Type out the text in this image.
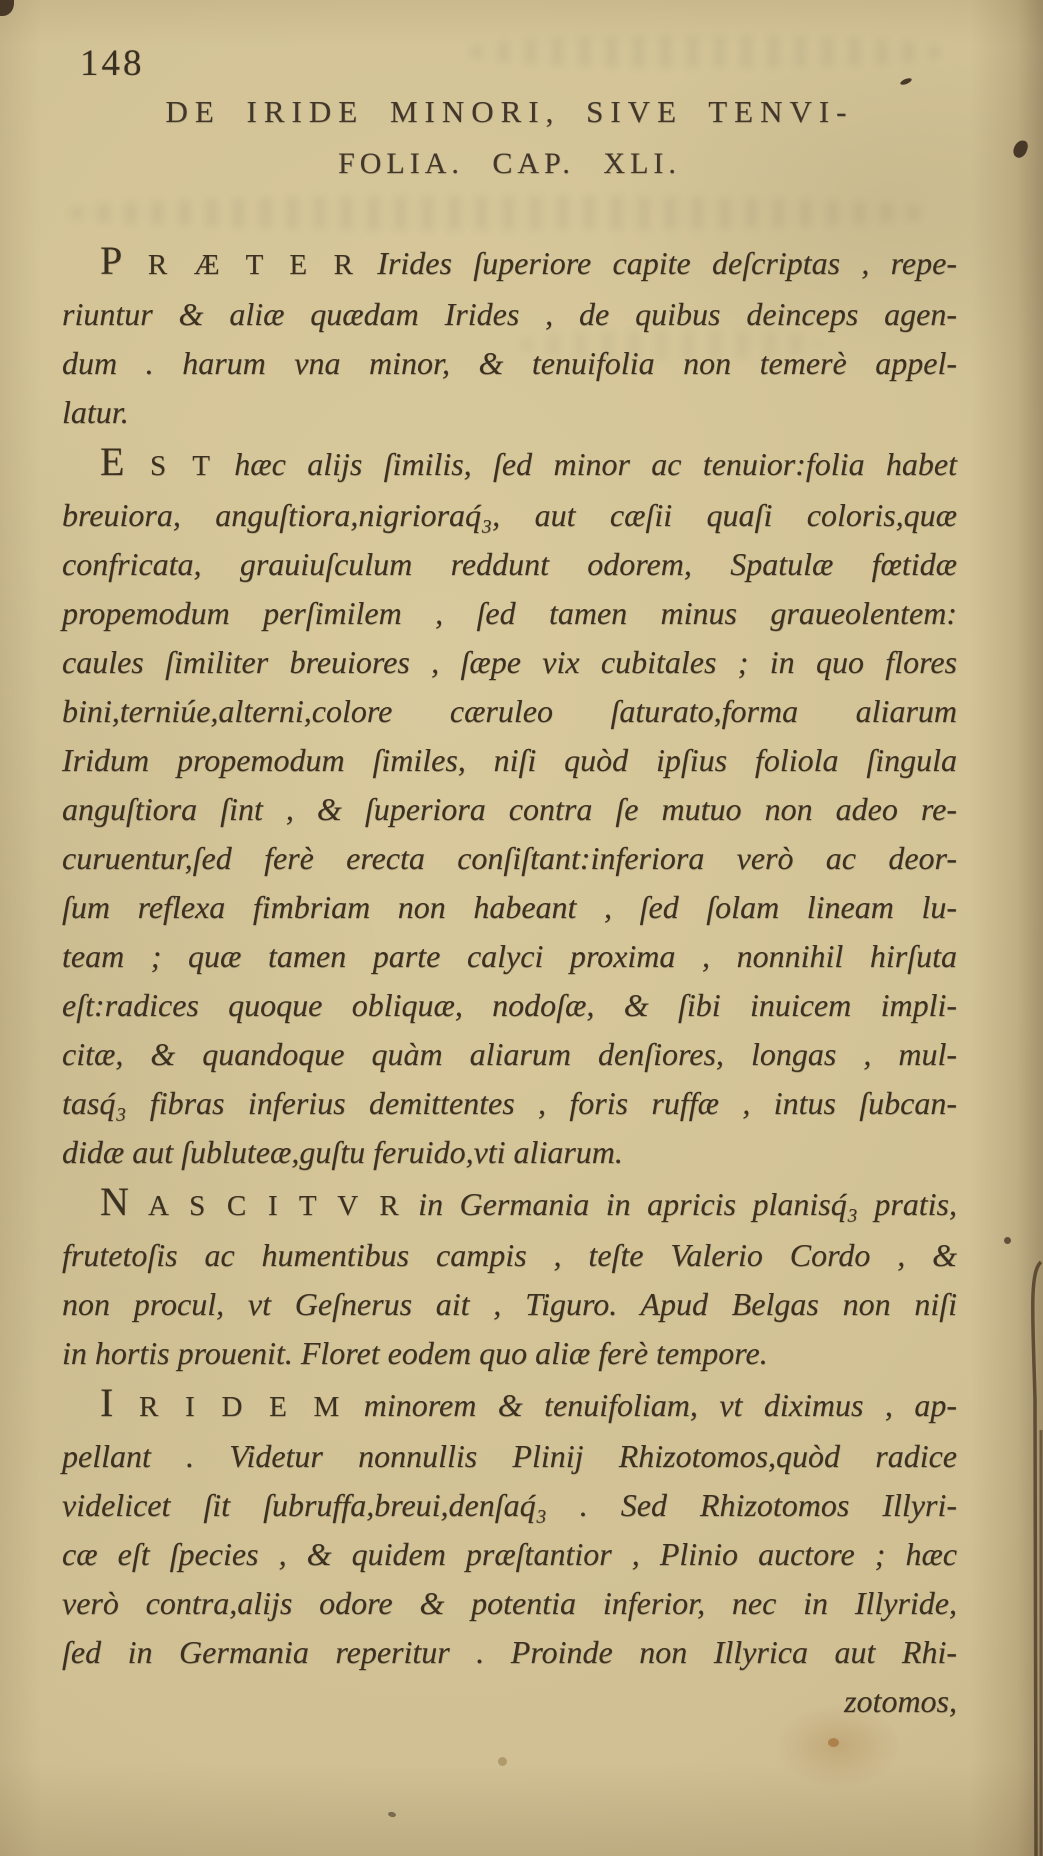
148
DE IRIDE MINORI, SIVE TENVI-
FOLIA. CAP. XLI.
P R Æ T E R Irides ſuperiore capite deſcriptas , repe-
riuntur & aliæ quædam Irides , de quibus deinceps agen-
dum . harum vna minor, & tenuifolia non temerè appel-
latur.
E S T hæc alijs ſimilis, ſed minor ac tenuior:folia habet
breuiora, anguſtiora,nigrioraq́₃, aut cæſii quaſi coloris,quæ
confricata, grauiuſculum reddunt odorem, Spatulæ fœtidæ
propemodum perſimilem , ſed tamen minus graueolentem:
caules ſimiliter breuiores , ſæpe vix cubitales ; in quo flores
bini,terniúe,alterni,colore cæruleo ſaturato,forma aliarum
Iridum propemodum ſimiles, niſi quòd ipſius foliola ſingula
anguſtiora ſint , & ſuperiora contra ſe mutuo non adeo re-
curuentur,ſed ferè erecta conſiſtant:inferiora verò ac deor-
ſum reflexa fimbriam non habeant , ſed ſolam lineam lu-
team ; quæ tamen parte calyci proxima , nonnihil hirſuta
eſt:radices quoque obliquæ, nodoſæ, & ſibi inuicem impli-
citæ, & quandoque quàm aliarum denſiores, longas , mul-
tasq́₃ fibras inferius demittentes , foris ruffæ , intus ſubcan-
didæ aut ſubluteæ,guſtu feruido,vti aliarum.
N A S C I T V R in Germania in apricis planisq́₃ pratis,
frutetoſis ac humentibus campis , teſte Valerio Cordo , &
non procul, vt Geſnerus ait , Tiguro. Apud Belgas non niſi
in hortis prouenit. Floret eodem quo aliæ ferè tempore.
I R I D E M minorem & tenuifoliam, vt diximus , ap-
pellant . Videtur nonnullis Plinij Rhizotomos,quòd radice
videlicet ſit ſubruffa,breui,denſaq́₃ . Sed Rhizotomos Illyri-
cæ eſt ſpecies , & quidem præſtantior , Plinio auctore ; hæc
verò contra,alijs odore & potentia inferior, nec in Illyride,
ſed in Germania reperitur . Proinde non Illyrica aut Rhi-
zotomos,
